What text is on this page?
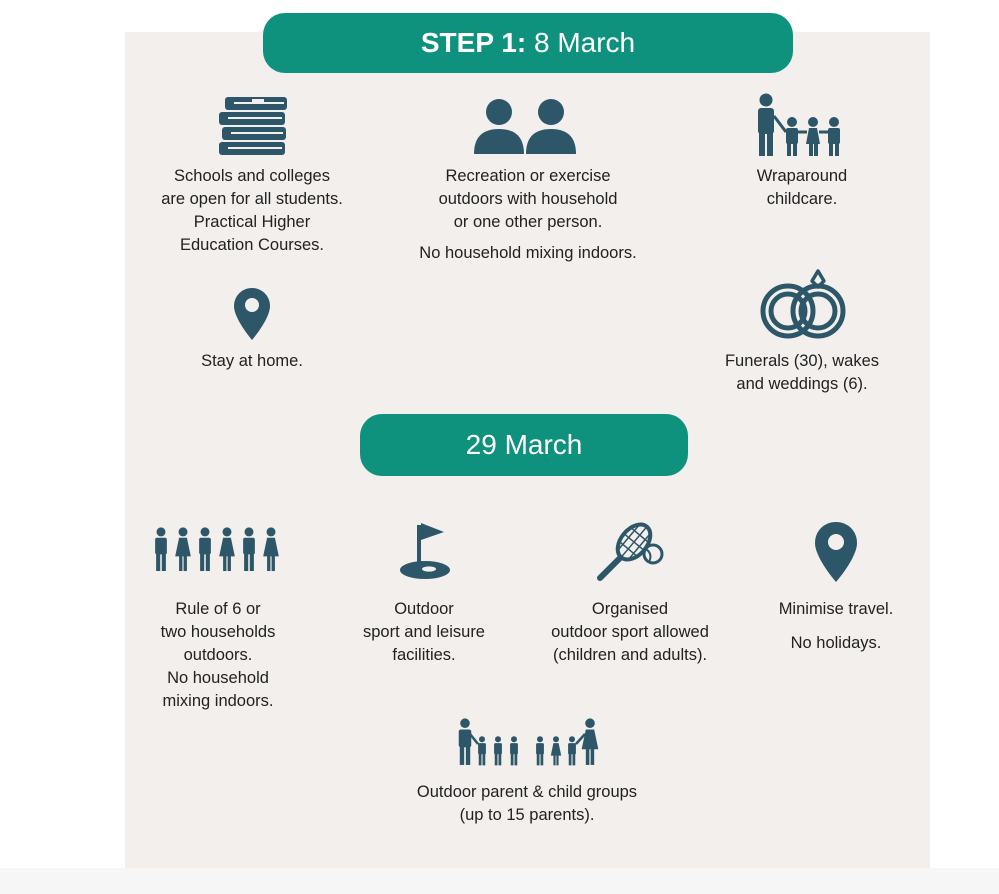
STEP 1:
8 March
Schools and colleges
are open for all students.
Practical Higher
Education Courses.
Recreation or exercise
outdoors with household
or one other person.
No household mixing indoors.
Wraparound
childcare.
Stay at home.	Funerals (30), wakes
and weddings (6).
29 March
Rule of 6 or
two households
outdoors.
No household
mixing indoors.
Outdoor
sport and leisure
facilities.
Organised
outdoor sport allowed
(children and adults).
Minimise travel.
No holidays.
Outdoor parent & child groups
(up to 15 parents).
